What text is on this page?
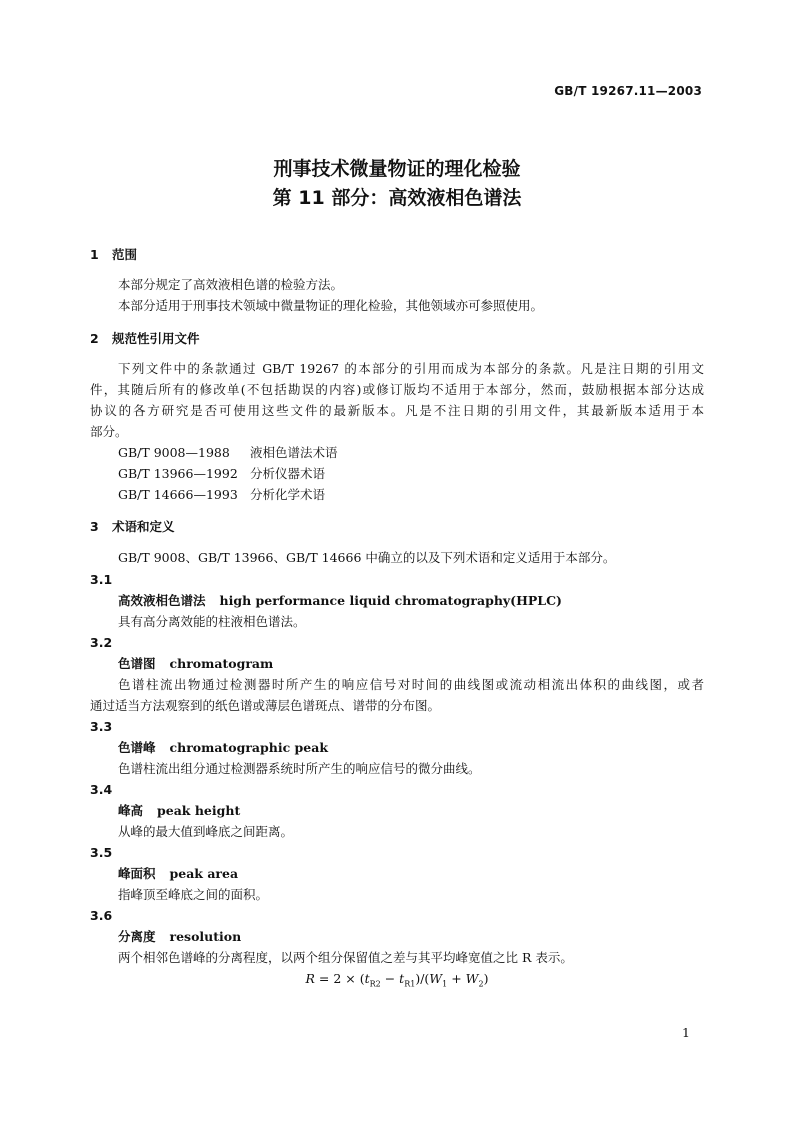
GB/T 19267.11—2003
刑事技术微量物证的理化检验
第 11 部分：高效液相色谱法
1 范围
本部分规定了高效液相色谱的检验方法。
本部分适用于刑事技术领域中微量物证的理化检验，其他领域亦可参照使用。
2 规范性引用文件
下列文件中的条款通过 GB/T 19267 的本部分的引用而成为本部分的条款。凡是注日期的引用文
件，其随后所有的修改单(不包括勘误的内容)或修订版均不适用于本部分，然而，鼓励根据本部分达成
协议的各方研究是否可使用这些文件的最新版本。凡是不注日期的引用文件，其最新版本适用于本
部分。
GB/T 9008—1988 液相色谱法术语
GB/T 13966—1992 分析仪器术语
GB/T 14666—1993 分析化学术语
3 术语和定义
GB/T 9008、GB/T 13966、GB/T 14666 中确立的以及下列术语和定义适用于本部分。
3.1
高效液相色谱法 high performance liquid chromatography(HPLC)
具有高分离效能的柱液相色谱法。
3.2
色谱图 chromatogram
色谱柱流出物通过检测器时所产生的响应信号对时间的曲线图或流动相流出体积的曲线图，或者
通过适当方法观察到的纸色谱或薄层色谱斑点、谱带的分布图。
3.3
色谱峰 chromatographic peak
色谱柱流出组分通过检测器系统时所产生的响应信号的微分曲线。
3.4
峰高 peak height
从峰的最大值到峰底之间距离。
3.5
峰面积 peak area
指峰顶至峰底之间的面积。
3.6
分离度 resolution
两个相邻色谱峰的分离程度，以两个组分保留值之差与其平均峰宽值之比 R 表示。
$R = 2 \times (t_{R2} - t_{R1})/(W_1 + W_2)$
1
